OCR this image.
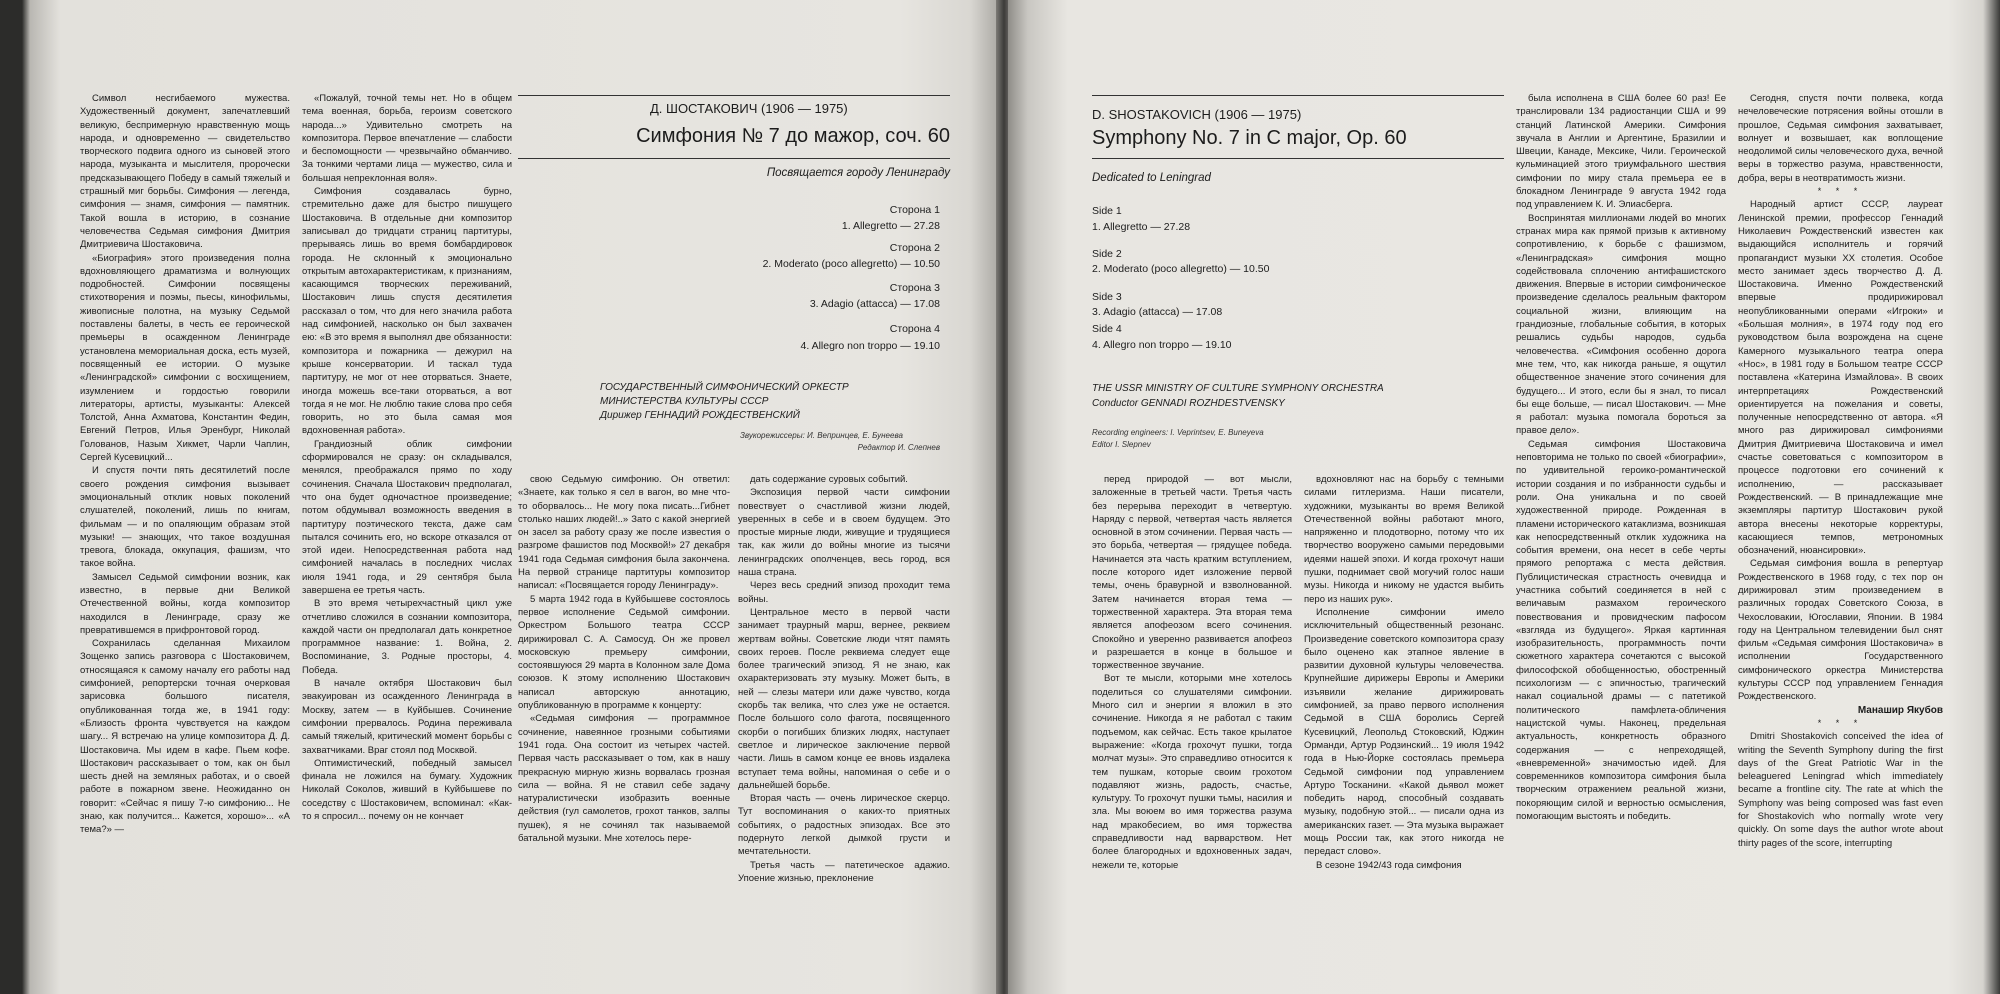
Символ несгибаемого мужества. Художественный документ, запечатлевший великую, беспримерную нравственную мощь народа, и одновременно — свидетельство творческого подвига одного из сыновей этого народа, музыканта и мыслителя, пророчески предсказывающего Победу в самый тяжелый и страшный миг борьбы. Симфония — легенда, симфония — знамя, симфония — памятник. Такой вошла в историю, в сознание человечества Седьмая симфония Дмитрия Дмитриевича Шостаковича.

«Биография» этого произведения полна вдохновляющего драматизма и волнующих подробностей. Симфонии посвящены стихотворения и поэмы, пьесы, кинофильмы, живописные полотна, на музыку Седьмой поставлены балеты, в честь ее героической премьеры в осажденном Ленинграде установлена мемориальная доска, есть музей, посвященный ее истории. О музыке «Ленинградской» симфонии с восхищением, изумлением и гордостью говорили литераторы, артисты, музыканты: Алексей Толстой, Анна Ахматова, Константин Федин, Евгений Петров, Илья Эренбург, Николай Голованов, Назым Хикмет, Чарли Чаплин, Сергей Кусевицкий...

И спустя почти пять десятилетий после своего рождения симфония вызывает эмоциональный отклик новых поколений слушателей, поколений, лишь по книгам, фильмам — и по опаляющим образам этой музыки! — знающих, что такое воздушная тревога, блокада, оккупация, фашизм, что такое война.

Замысел Седьмой симфонии возник, как известно, в первые дни Великой Отечественной войны, когда композитор находился в Ленинграде, сразу же превратившемся в прифронтовой город.

Сохранилась сделанная Михаилом Зощенко запись разговора с Шостаковичем, относящаяся к самому началу его работы над симфонией, репортерски точная очерковая зарисовка большого писателя, опубликованная тогда же, в 1941 году: «Близость фронта чувствуется на каждом шагу... Я встречаю на улице композитора Д. Д. Шостаковича. Мы идем в кафе. Пьем кофе. Шостакович рассказывает о том, как он был шесть дней на земляных работах, и о своей работе в пожарном звене. Неожиданно он говорит: «Сейчас я пишу 7-ю симфонию... Не знаю, как получится... Кажется, хорошо»... «А тема?» —

«Пожалуй, точной темы нет. Но в общем тема военная, борьба, героизм советского народа...» Удивительно смотреть на композитора. Первое впечатление — слабости и беспомощности — чрезвычайно обманчиво. За тонкими чертами лица — мужество, сила и большая непреклонная воля».

Симфония создавалась бурно, стремительно даже для быстро пишущего Шостаковича. В отдельные дни композитор записывал до тридцати страниц партитуры, прерываясь лишь во время бомбардировок города. Не склонный к эмоционально открытым автохарактеристикам, к признаниям, касающимся творческих переживаний, Шостакович лишь спустя десятилетия рассказал о том, что для него значила работа над симфонией, насколько он был захвачен ею: «В это время я выполнял две обязанности: композитора и пожарника — дежурил на крыше консерватории. И таскал туда партитуру, не мог от нее оторваться. Знаете, иногда можешь все-таки оторваться, а вот тогда я не мог. Не люблю такие слова про себя говорить, но это была самая моя вдохновенная работа».

Грандиозный облик симфонии сформировался не сразу: он складывался, менялся, преображался прямо по ходу сочинения. Сначала Шостакович предполагал, что она будет одночастное произведение; потом обдумывал возможность введения в партитуру поэтического текста, даже сам пытался сочинить его, но вскоре отказался от этой идеи. Непосредственная работа над симфонией началась в последних числах июля 1941 года, и 29 сентября была завершена ее третья часть.

В это время четырехчастный цикл уже отчетливо сложился в сознании композитора, каждой части он предполагал дать конкретное программное название: 1. Война, 2. Воспоминание, 3. Родные просторы, 4. Победа.

В начале октября Шостакович был эвакуирован из осажденного Ленинграда в Москву, затем — в Куйбышев. Сочинение симфонии прервалось. Родина переживала самый тяжелый, критический момент борьбы с захватчиками. Враг стоял под Москвой.

Оптимистический, победный замысел финала не ложился на бумагу. Художник Николай Соколов, живший в Куйбышеве по соседству с Шостаковичем, вспоминал: «Как-то я спросил... почему он не кончает

Д. ШОСТАКОВИЧ (1906 — 1975)
Симфония № 7 до мажор, соч. 60
Посвящается городу Ленинграду
Сторона 1
1. Allegretto — 27.28
Сторона 2
2. Moderato (poco allegretto) — 10.50
Сторона 3
3. Adagio (attacca) — 17.08
Сторона 4
4. Allegro non troppo — 19.10
ГОСУДАРСТВЕННЫЙ СИМФОНИЧЕСКИЙ ОРКЕСТР
МИНИСТЕРСТВА КУЛЬТУРЫ СССР
Дирижер ГЕННАДИЙ РОЖДЕСТВЕНСКИЙ
Звукорежиссеры: И. Вепринцев, Е. Бунеева
Редактор И. Слепнев

свою Седьмую симфонию. Он ответил: «Знаете, как только я сел в вагон, во мне что-то оборвалось... Не могу пока писать...Гибнет столько наших людей!..» Зато с какой энергией он засел за работу сразу же после известия о разгроме фашистов под Москвой!» 27 декабря 1941 года Седьмая симфония была закончена. На первой странице партитуры композитор написал: «Посвящается городу Ленинграду».

5 марта 1942 года в Куйбышеве состоялось первое исполнение Седьмой симфонии. Оркестром Большого театра СССР дирижировал С. А. Самосуд. Он же провел московскую премьеру симфонии, состоявшуюся 29 марта в Колонном зале Дома союзов. К этому исполнению Шостакович написал авторскую аннотацию, опубликованную в программе к концерту:

«Седьмая симфония — программное сочинение, навеянное грозными событиями 1941 года. Она состоит из четырех частей. Первая часть рассказывает о том, как в нашу прекрасную мирную жизнь ворвалась грозная сила — война. Я не ставил себе задачу натуралистически изобразить военные действия (гул самолетов, грохот танков, залпы пушек), я не сочинял так называемой батальной музыки. Мне хотелось пере-

дать содержание суровых событий.

Экспозиция первой части симфонии повествует о счастливой жизни людей, уверенных в себе и в своем будущем. Это простые мирные люди, живущие и трудящиеся так, как жили до войны многие из тысячи ленинградских ополченцев, весь город, вся наша страна.

Через весь средний эпизод проходит тема войны.

Центральное место в первой части занимает траурный марш, вернее, реквием жертвам войны. Советские люди чтят память своих героев. После реквиема следует еще более трагический эпизод. Я не знаю, как охарактеризовать эту музыку. Может быть, в ней — слезы матери или даже чувство, когда скорбь так велика, что слез уже не остается. После большого соло фагота, посвященного скорби о погибших близких людях, наступает светлое и лирическое заключение первой части. Лишь в самом конце ее вновь издалека вступает тема войны, напоминая о себе и о дальнейшей борьбе.

Вторая часть — очень лирическое скерцо. Тут воспоминания о каких-то приятных событиях, о радостных эпизодах. Все это подернуто легкой дымкой грусти и мечтательности.

Третья часть — патетическое адажио. Упоение жизнью, преклонение

D. SHOSTAKOVICH (1906 — 1975)
Symphony No. 7 in C major, Op. 60
Dedicated to Leningrad
Side 1
1. Allegretto — 27.28
Side 2
2. Moderato (poco allegretto) — 10.50
Side 3
3. Adagio (attacca) — 17.08
Side 4
4. Allegro non troppo — 19.10
THE USSR MINISTRY OF CULTURE SYMPHONY ORCHESTRA
Conductor GENNADI ROZHDESTVENSKY
Recording engineers: I. Veprintsev, E. Buneyeva
Editor I. Slepnev

перед природой — вот мысли, заложенные в третьей части. Третья часть без перерыва переходит в четвертую. Наряду с первой, четвертая часть является основной в этом сочинении. Первая часть — это борьба, четвертая — грядущее победа. Начинается эта часть кратким вступлением, после которого идет изложение первой темы, очень бравурной и взволнованной. Затем начинается вторая тема — торжественной характера. Эта вторая тема является апофеозом всего сочинения. Спокойно и уверенно развивается апофеоз и разрешается в конце в большое и торжественное звучание.

Вот те мысли, которыми мне хотелось поделиться со слушателями симфонии. Много сил и энергии я вложил в это сочинение. Никогда я не работал с таким подъемом, как сейчас. Есть такое крылатое выражение: «Когда грохочут пушки, тогда молчат музы». Это справедливо относится к тем пушкам, которые своим грохотом подавляют жизнь, радость, счастье, культуру. То грохочут пушки тьмы, насилия и зла. Мы воюем во имя торжества разума над мракобесием, во имя торжества справедливости над варварством. Нет более благородных и вдохновенных задач, нежели те, которые

вдохновляют нас на борьбу с темными силами гитлеризма. Наши писатели, художники, музыканты во время Великой Отечественной войны работают много, напряженно и плодотворно, потому что их творчество вооружено самыми передовыми идеями нашей эпохи. И когда грохочут наши пушки, поднимает свой могучий голос наши музы. Никогда и никому не удастся выбить перо из наших рук».

Исполнение симфонии имело исключительный общественный резонанс. Произведение советского композитора сразу было оценено как этапное явление в развитии духовной культуры человечества. Крупнейшие дирижеры Европы и Америки изъявили желание дирижировать симфонией, за право первого исполнения Седьмой в США боролись Сергей Кусевицкий, Леопольд Стоковский, Юджин Орманди, Артур Родзинский... 19 июля 1942 года в Нью-Йорке состоялась премьера Седьмой симфонии под управлением Артуро Тосканини. «Какой дьявол может победить народ, способный создавать музыку, подобную этой... — писали одна из американских газет. — Эта музыка выражает мощь России так, как этого никогда не передаст слово».

В сезоне 1942/43 года симфония

была исполнена в США более 60 раз! Ее транслировали 134 радиостанции США и 99 станций Латинской Америки. Симфония звучала в Англии и Аргентине, Бразилии и Швеции, Канаде, Мексике, Чили. Героической кульминацией этого триумфального шествия симфонии по миру стала премьера ее в блокадном Ленинграде 9 августа 1942 года под управлением К. И. Элиасберга.

Воспринятая миллионами людей во многих странах мира как прямой призыв к активному сопротивлению, к борьбе с фашизмом, «Ленинградская» симфония мощно содействовала сплочению антифашистского движения. Впервые в истории симфоническое произведение сделалось реальным фактором социальной жизни, влияющим на грандиозные, глобальные события, в которых решались судьбы народов, судьба человечества. «Симфония особенно дорога мне тем, что, как никогда раньше, я ощутил общественное значение этого сочинения для будущего... И этого, если бы я знал, то писал бы еще больше, — писал Шостакович. — Мне я работал: музыка помогала бороться за правое дело».

Седьмая симфония Шостаковича неповторима не только по своей «биографии», по удивительной героико-романтической истории создания и по избранности судьбы и роли. Она уникальна и по своей художественной природе. Рожденная в пламени исторического катаклизма, возникшая как непосредственный отклик художника на события времени, она несет в себе черты прямого репортажа с места действия. Публицистическая страстность очевидца и участника событий соединяется в ней с величавым размахом героического повествования и провидческим пафосом «взгляда из будущего». Яркая картинная изобразительность, программность почти сюжетного характера сочетаются с высокой философской обобщенностью, обостренный психологизм — с эпичностью, трагический накал социальной драмы — с патетикой политического памфлета-обличения нацистской чумы. Наконец, предельная актуальность, конкретность образного содержания — с непреходящей, «вневременной» значимостью идей. Для современников композитора симфония была творческим отражением реальной жизни, покоряющим силой и верностью осмысления, помогающим выстоять и победить.

Сегодня, спустя почти полвека, когда нечеловеческие потрясения войны отошли в прошлое, Седьмая симфония захватывает, волнует и возвышает, как воплощение неодолимой силы человеческого духа, вечной веры в торжество разума, нравственности, добра, веры в неотвратимость жизни.

* * *

Народный артист СССР, лауреат Ленинской премии, профессор Геннадий Николаевич Рождественский известен как выдающийся исполнитель и горячий пропагандист музыки XX столетия. Особое место занимает здесь творчество Д. Д. Шостаковича. Именно Рождественский впервые продирижировал неопубликованными операми «Игроки» и «Большая молния», в 1974 году под его руководством была возрождена на сцене Камерного музыкального театра опера «Нос», в 1981 году в Большом театре СССР поставлена «Катерина Измайлова». В своих интерпретациях Рождественский ориентируется на пожелания и советы, полученные непосредственно от автора. «Я много раз дирижировал симфониями Дмитрия Дмитриевича Шостаковича и имел счастье советоваться с композитором в процессе подготовки его сочинений к исполнению, — рассказывает Рождественский. — В принадлежащие мне экземпляры партитур Шостакович рукой автора внесены некоторые корректуры, касающиеся темпов, метрономных обозначений, нюансировки».

Седьмая симфония вошла в репертуар Рождественского в 1968 году, с тех пор он дирижировал этим произведением в различных городах Советского Союза, в Чехословакии, Югославии, Японии. В 1984 году на Центральном телевидении был снят фильм «Седьмая симфония Шостаковича» в исполнении Государственного симфонического оркестра Министерства культуры СССР под управлением Геннадия Рождественского.

Манашир Якубов
* * *

Dmitri Shostakovich conceived the idea of writing the Seventh Symphony during the first days of the Great Patriotic War in the beleaguered Leningrad which immediately became a frontline city. The rate at which the Symphony was being composed was fast even for Shostakovich who normally wrote very quickly. On some days the author wrote about thirty pages of the score, interrupting
